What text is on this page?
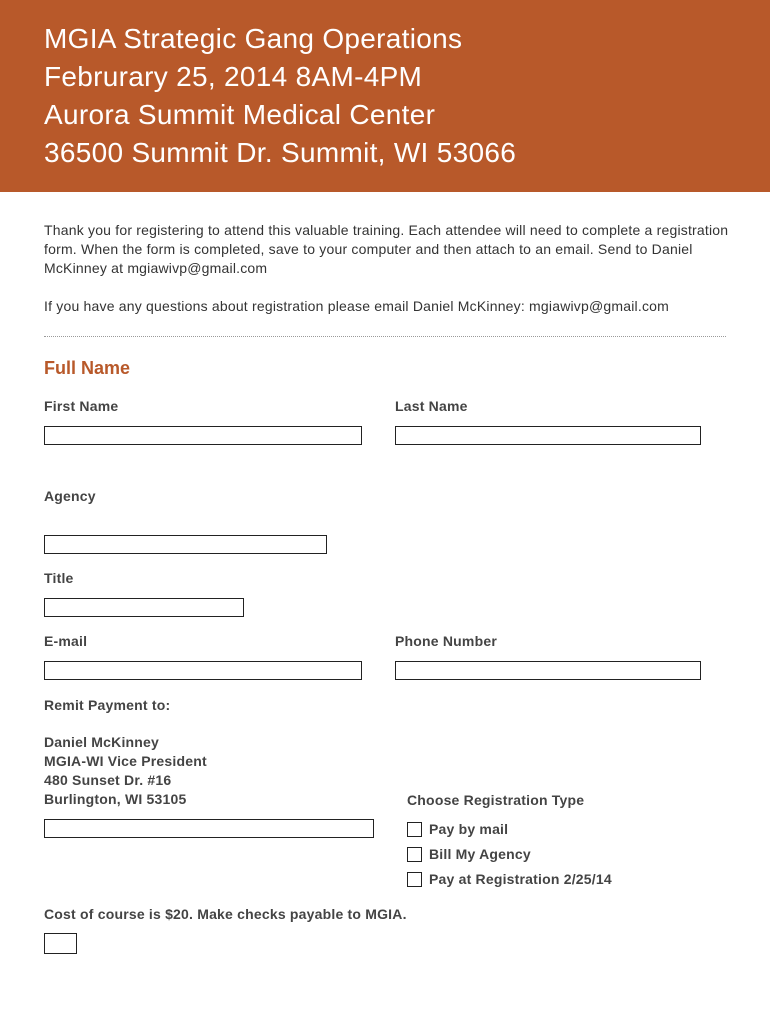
MGIA Strategic Gang Operations
Februrary 25, 2014 8AM-4PM
Aurora Summit Medical Center
36500 Summit Dr. Summit, WI 53066
Thank you for registering to attend this valuable training. Each attendee will need to complete a registration form. When the form is completed, save to your computer and then attach to an email. Send to Daniel McKinney at mgiawivp@gmail.com
If you have any questions about registration please email Daniel McKinney: mgiawivp@gmail.com
Full Name
First Name	Last Name
Agency
Title
E-mail	Phone Number
Remit Payment to:
Daniel McKinney
MGIA-WI Vice President
480 Sunset Dr. #16
Burlington, WI 53105	Choose Registration Type
Pay by mail
Bill My Agency
Pay at Registration 2/25/14
Cost of course is $20. Make checks payable to MGIA.
